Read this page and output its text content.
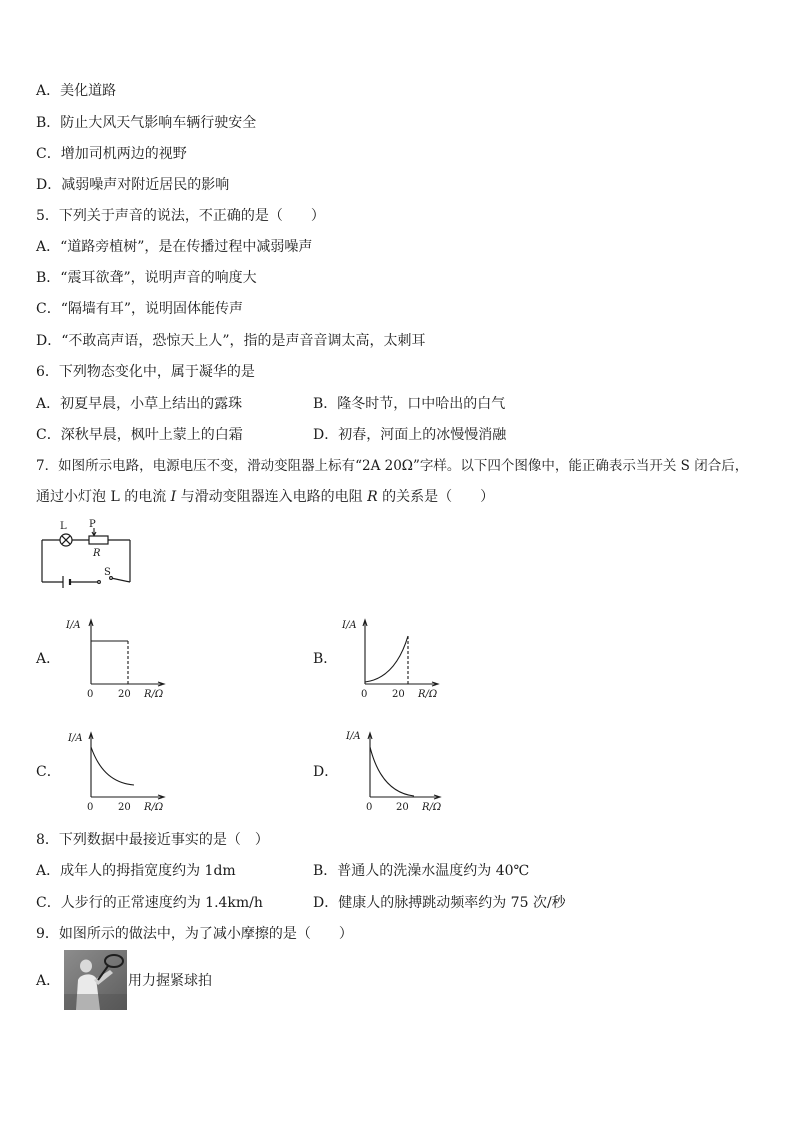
A．美化道路
B．防止大风天气影响车辆行驶安全
C．增加司机两边的视野
D．减弱噪声对附近居民的影响
5．下列关于声音的说法，不正确的是（　　）
A．“道路旁植树”，是在传播过程中减弱噪声
B．“震耳欲聋”，说明声音的响度大
C．“隔墙有耳”，说明固体能传声
D．“不敢高声语，恐惊天上人”，指的是声音音调太高，太刺耳
6．下列物态变化中，属于凝华的是
A．初夏早晨，小草上结出的露珠	B．隆冬时节，口中哈出的白气
C．深秋早晨，枫叶上蒙上的白霜	D．初春，河面上的冰慢慢消融
7．如图所示电路，电源电压不变，滑动变阻器上标有“2A 20Ω”字样。以下四个图像中，能正确表示当开关 S 闭合后，
通过小灯泡 L 的电流 I 与滑动变阻器连入电路的电阻 R 的关系是（　　）
L P
R
S
A．
I/A
0 20 R/Ω
B．
I/A
0 20 R/Ω
C．
I/A
0 20 R/Ω
D．
I/A
0 20 R/Ω
8．下列数据中最接近事实的是（　）
A．成年人的拇指宽度约为 1dm	B．普通人的洗澡水温度约为 40℃
C．人步行的正常速度约为 1.4km/h	D．健康人的脉搏跳动频率约为 75 次/秒
9．如图所示的做法中，为了减小摩擦的是（　　）
A．	用力握紧球拍
